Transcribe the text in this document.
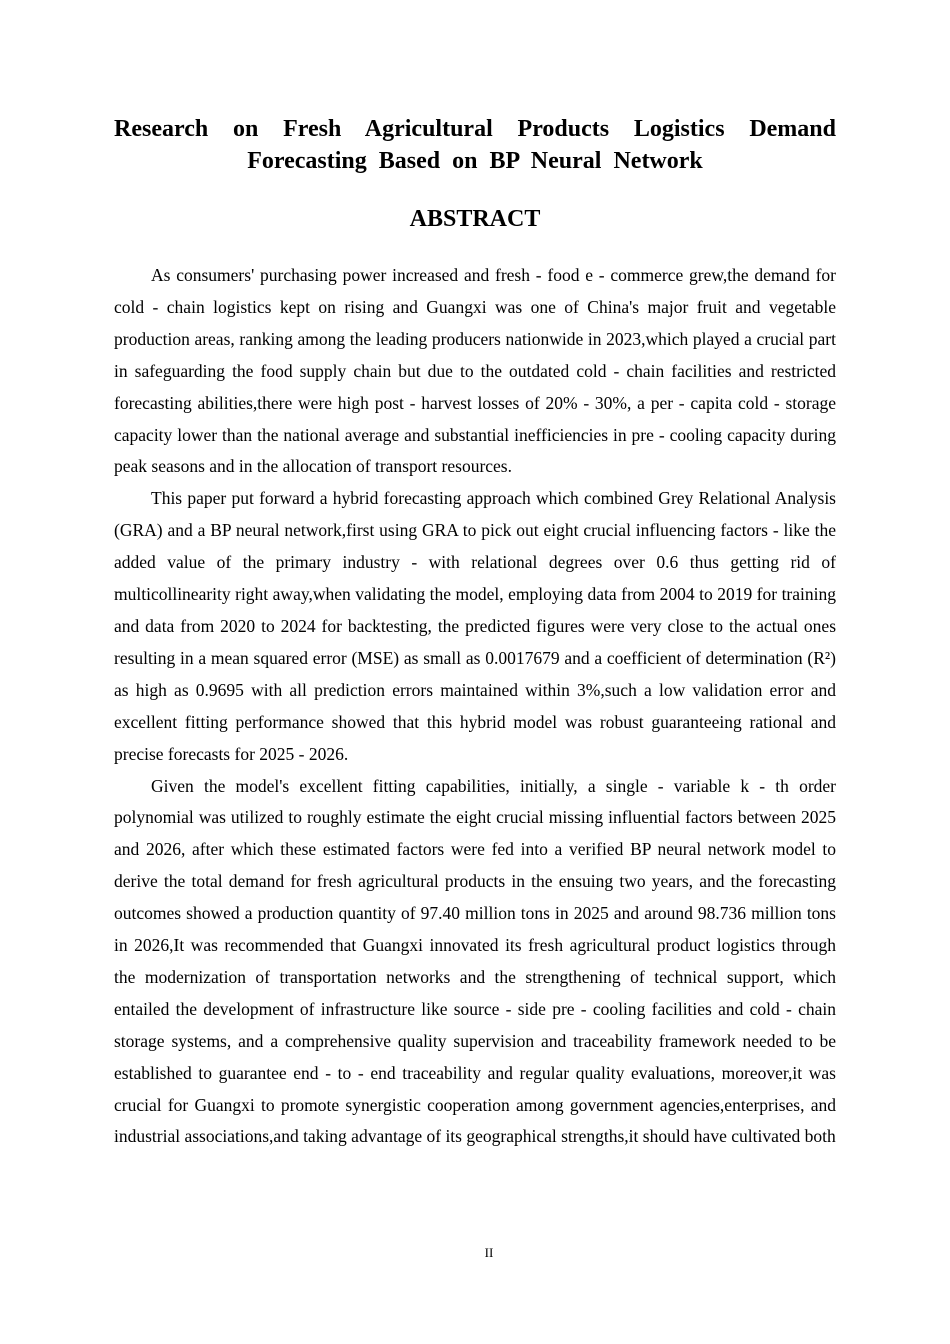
Research on Fresh Agricultural Products Logistics Demand
Forecasting Based on BP Neural Network
ABSTRACT

As consumers' purchasing power increased and fresh - food e - commerce grew,the demand for cold - chain logistics kept on rising and Guangxi was one of China's major fruit and vegetable production areas, ranking among the leading producers nationwide in 2023,which played a crucial part in safeguarding the food supply chain but due to the outdated cold - chain facilities and restricted forecasting abilities,there were high post - harvest losses of 20% - 30%, a per - capita cold - storage capacity lower than the national average and substantial inefficiencies in pre - cooling capacity during peak seasons and in the allocation of transport resources.

This paper put forward a hybrid forecasting approach which combined Grey Relational Analysis (GRA) and a BP neural network,first using GRA to pick out eight crucial influencing factors - like the added value of the primary industry - with relational degrees over 0.6 thus getting rid of multicollinearity right away,when validating the model, employing data from 2004 to 2019 for training and data from 2020 to 2024 for backtesting, the predicted figures were very close to the actual ones resulting in a mean squared error (MSE) as small as 0.0017679 and a coefficient of determination (R²) as high as 0.9695 with all prediction errors maintained within 3%,such a low validation error and excellent fitting performance showed that this hybrid model was robust guaranteeing rational and precise forecasts for 2025 - 2026.

Given the model's excellent fitting capabilities, initially, a single - variable k - th order polynomial was utilized to roughly estimate the eight crucial missing influential factors between 2025 and 2026, after which these estimated factors were fed into a verified BP neural network model to derive the total demand for fresh agricultural products in the ensuing two years, and the forecasting outcomes showed a production quantity of 97.40 million tons in 2025 and around 98.736 million tons in 2026,It was recommended that Guangxi innovated its fresh agricultural product logistics through the modernization of transportation networks and the strengthening of technical support, which entailed the development of infrastructure like source - side pre - cooling facilities and cold - chain storage systems, and a comprehensive quality supervision and traceability framework needed to be established to guarantee end - to - end traceability and regular quality evaluations, moreover,it was crucial for Guangxi to promote synergistic cooperation among government agencies,enterprises, and industrial associations,and taking advantage of its geographical strengths,it should have cultivated both

II
